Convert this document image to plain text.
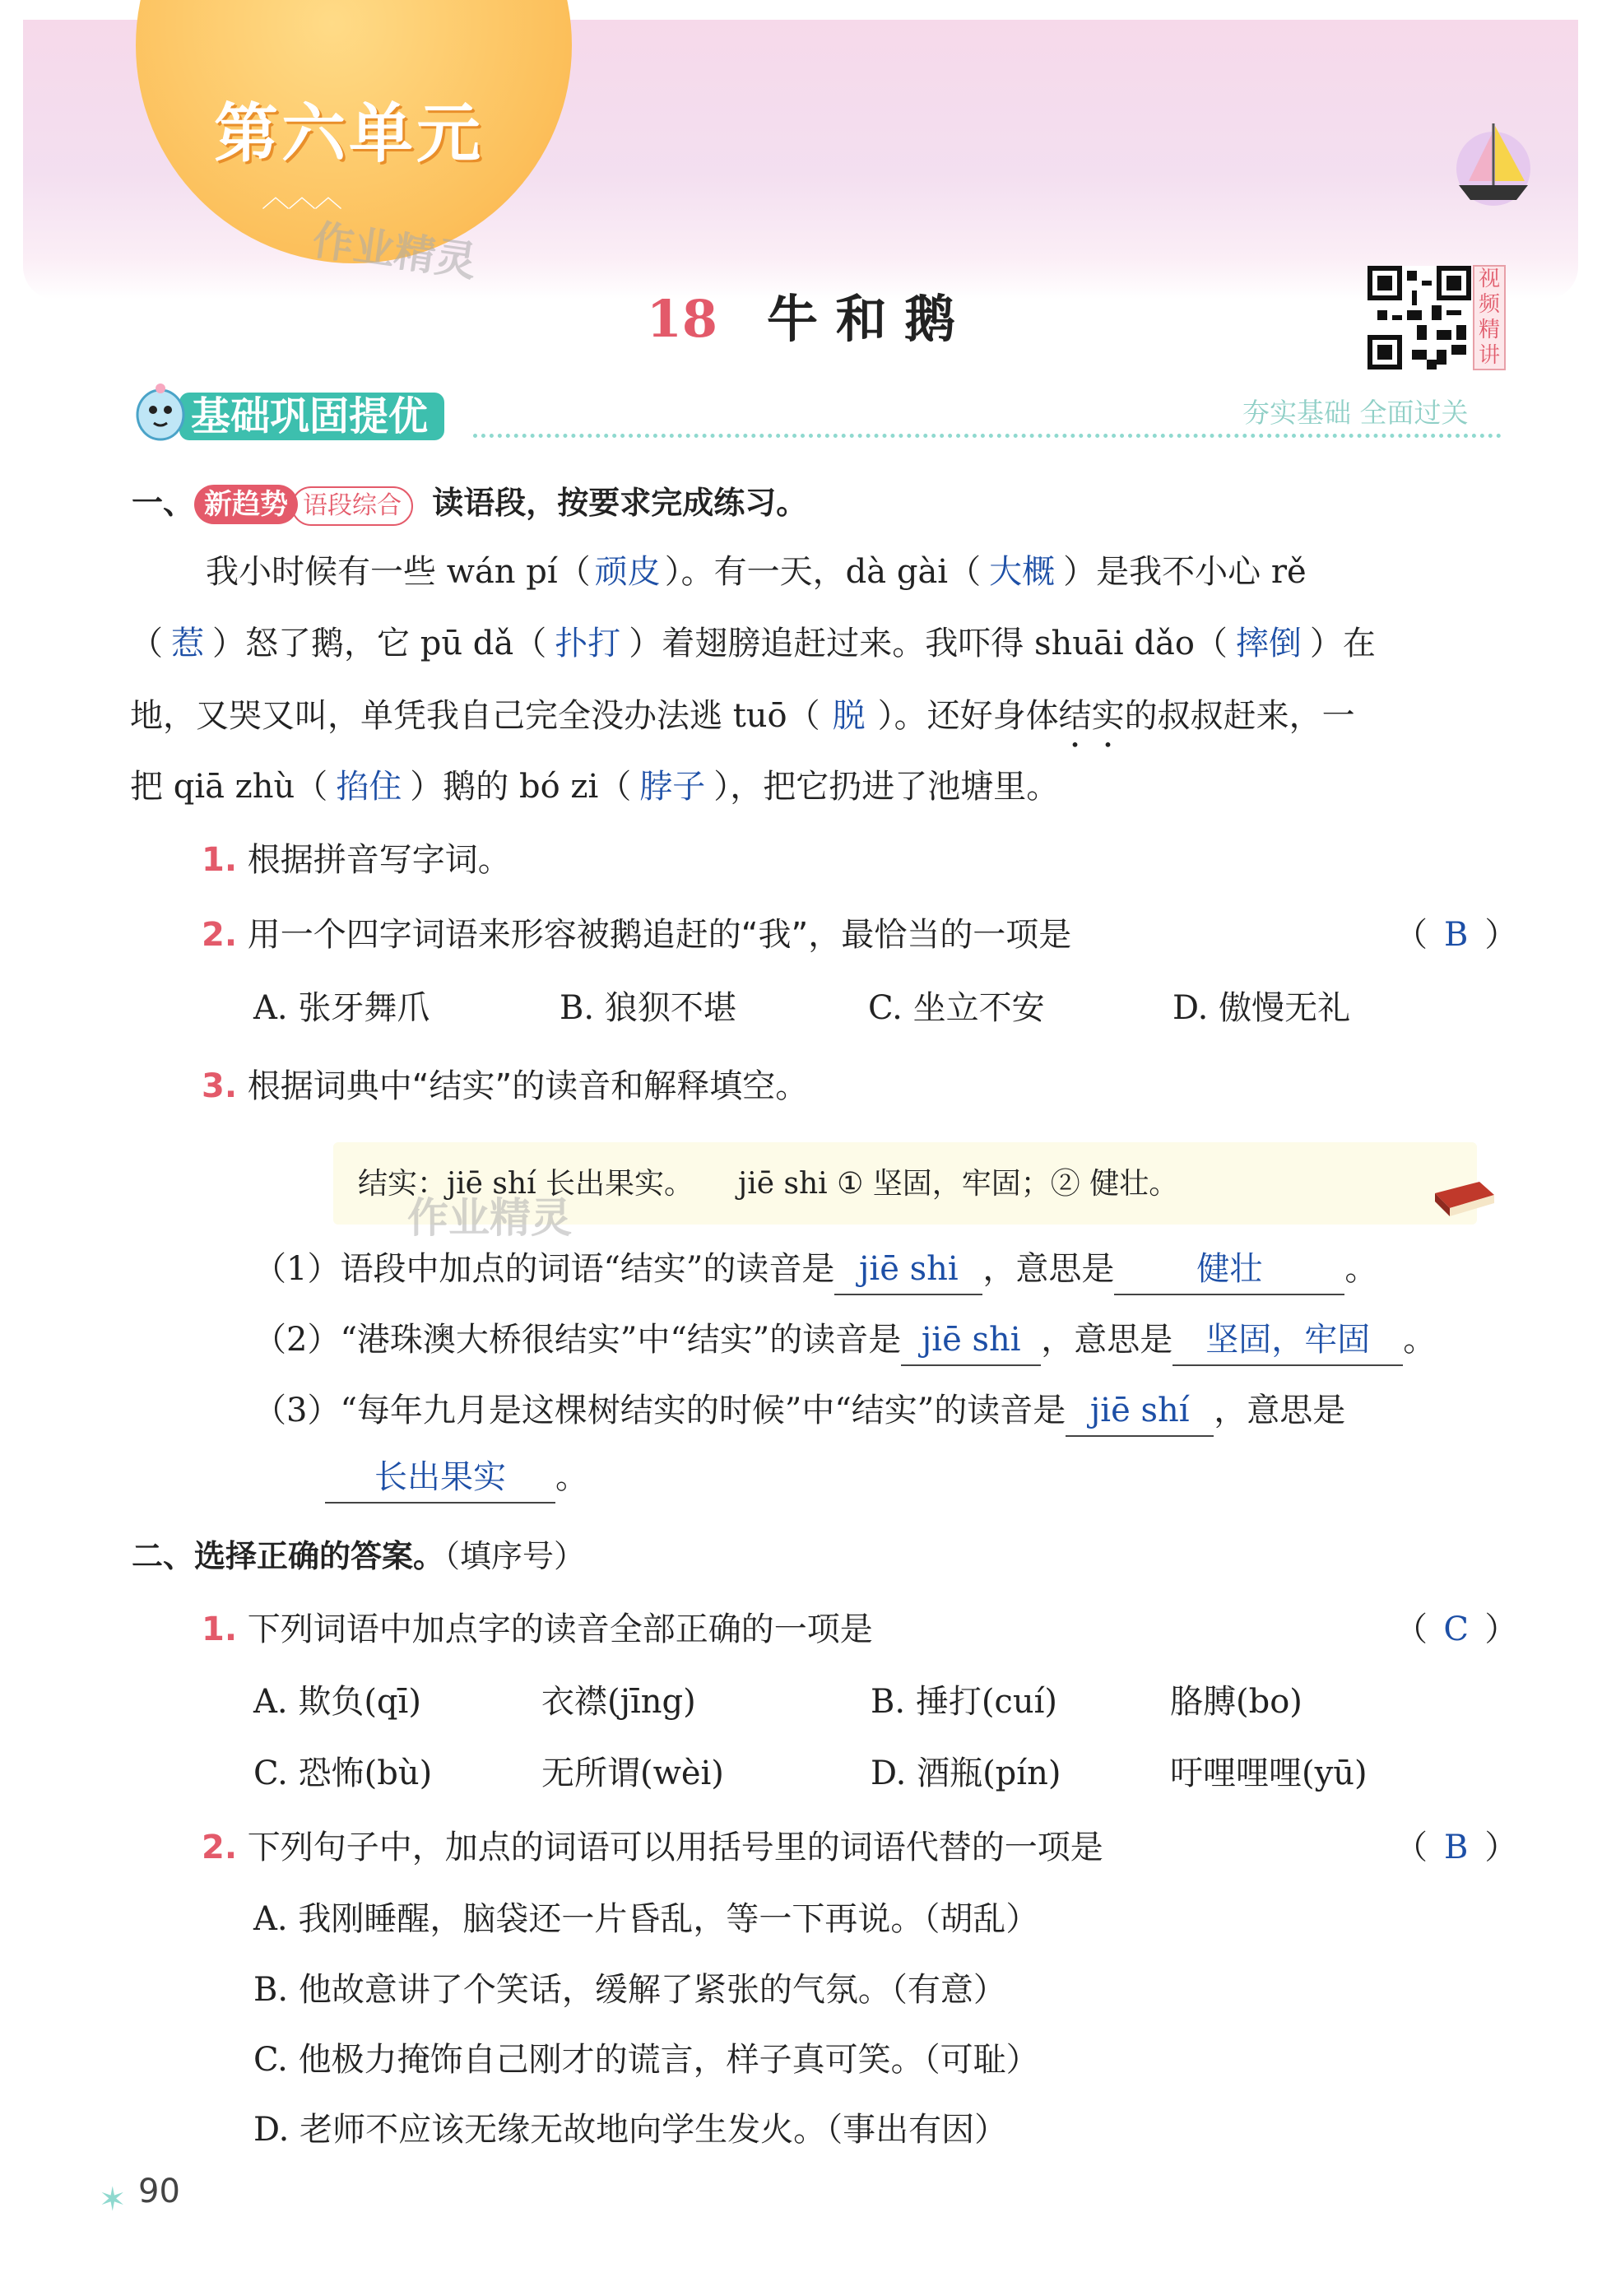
第六单元
︿︿︿
作业精灵
18 牛 和 鹅
视频精讲
基础巩固提优	夯实基础 全面过关
一、 新趋势 语段综合 读语段，按要求完成练习。
我小时候有一些 wán pí（ 顽皮 ）。有一天，dà gài（ 大概 ）是我不小心 rě
（ 惹 ）怒了鹅，它 pū dǎ（ 扑打 ）着翅膀追赶过来。我吓得 shuāi dǎo（ 摔倒 ）在
地，又哭又叫，单凭我自己完全没办法逃 tuō（ 脱 ）。还好身体结实的叔叔赶来，一
把 qiā zhù（ 掐住 ）鹅的 bó zi（ 脖子 ），把它扔进了池塘里。
1. 根据拼音写字词。
2. 用一个四字词语来形容被鹅追赶的“我”，最恰当的一项是	（ B ）
A. 张牙舞爪	B. 狼狈不堪	C. 坐立不安	D. 傲慢无礼
3. 根据词典中“结实”的读音和解释填空。
结实：jiē shí 长出果实。　　jiē shi ① 坚固，牢固；② 健壮。
作业精灵
（1）语段中加点的词语“结实”的读音是 jiē shi ，意思是	健壮	。
（2）“港珠澳大桥很结实”中“结实”的读音是 jiē shi ，意思是 坚固，牢固 。
（3）“每年九月是这棵树结实的时候”中“结实”的读音是 jiē shí ，意思是
长出果实 。
二、选择正确的答案。（填序号）
1. 下列词语中加点字的读音全部正确的一项是	（ C ）
A. 欺负(qī)	衣襟(jīng)	B. 捶打(cuí)	胳膊(bo)
C. 恐怖(bù)	无所谓(wèi)	D. 酒瓶(pín)	吁哩哩哩(yū)
2. 下列句子中，加点的词语可以用括号里的词语代替的一项是	（ B ）
A. 我刚睡醒，脑袋还一片昏乱，等一下再说。（胡乱）
B. 他故意讲了个笑话，缓解了紧张的气氛。（有意）
C. 他极力掩饰自己刚才的谎言，样子真可笑。（可耻）
D. 老师不应该无缘无故地向学生发火。（事出有因）
✶ 90
